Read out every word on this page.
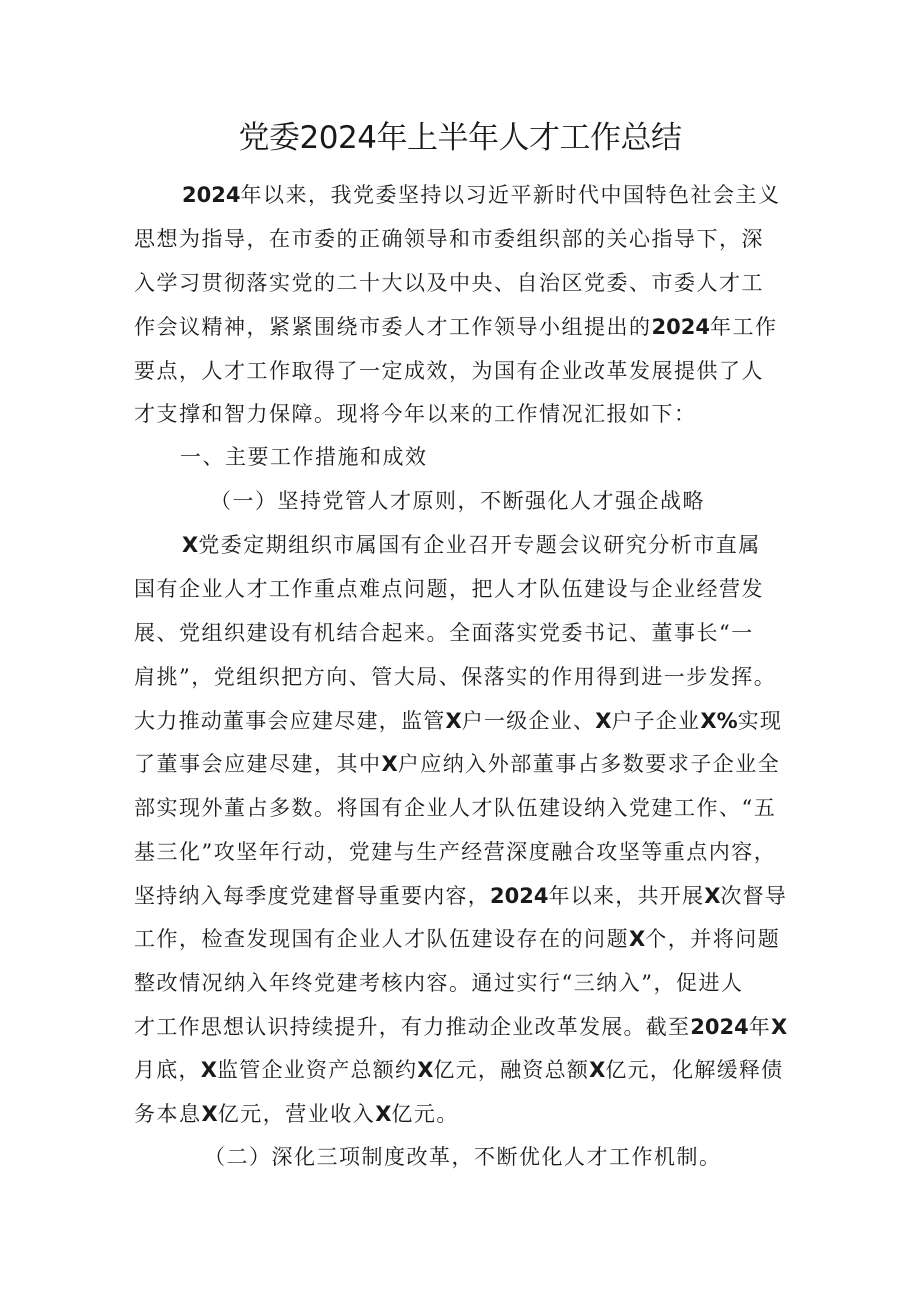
党委2024年上半年人才工作总结
2024年以来，我党委坚持以习近平新时代中国特色社会主义
思想为指导，在市委的正确领导和市委组织部的关心指导下，深
入学习贯彻落实党的二十大以及中央、自治区党委、市委人才工
作会议精神，紧紧围绕市委人才工作领导小组提出的2024年工作
要点，人才工作取得了一定成效，为国有企业改革发展提供了人
才支撑和智力保障。现将今年以来的工作情况汇报如下：
一、主要工作措施和成效
（一）坚持党管人才原则，不断强化人才强企战略
X党委定期组织市属国有企业召开专题会议研究分析市直属
国有企业人才工作重点难点问题，把人才队伍建设与企业经营发
展、党组织建设有机结合起来。全面落实党委书记、董事长“一
肩挑”，党组织把方向、管大局、保落实的作用得到进一步发挥。
大力推动董事会应建尽建，监管X户一级企业、X户子企业X%实现
了董事会应建尽建，其中X户应纳入外部董事占多数要求子企业全
部实现外董占多数。将国有企业人才队伍建设纳入党建工作、“五
基三化”攻坚年行动，党建与生产经营深度融合攻坚等重点内容，
坚持纳入每季度党建督导重要内容，2024年以来，共开展X次督导
工作，检查发现国有企业人才队伍建设存在的问题X个，并将问题
整改情况纳入年终党建考核内容。通过实行“三纳入”，促进人
才工作思想认识持续提升，有力推动企业改革发展。截至2024年X
月底，X监管企业资产总额约X亿元，融资总额X亿元，化解缓释债
务本息X亿元，营业收入X亿元。
（二）深化三项制度改革，不断优化人才工作机制。
